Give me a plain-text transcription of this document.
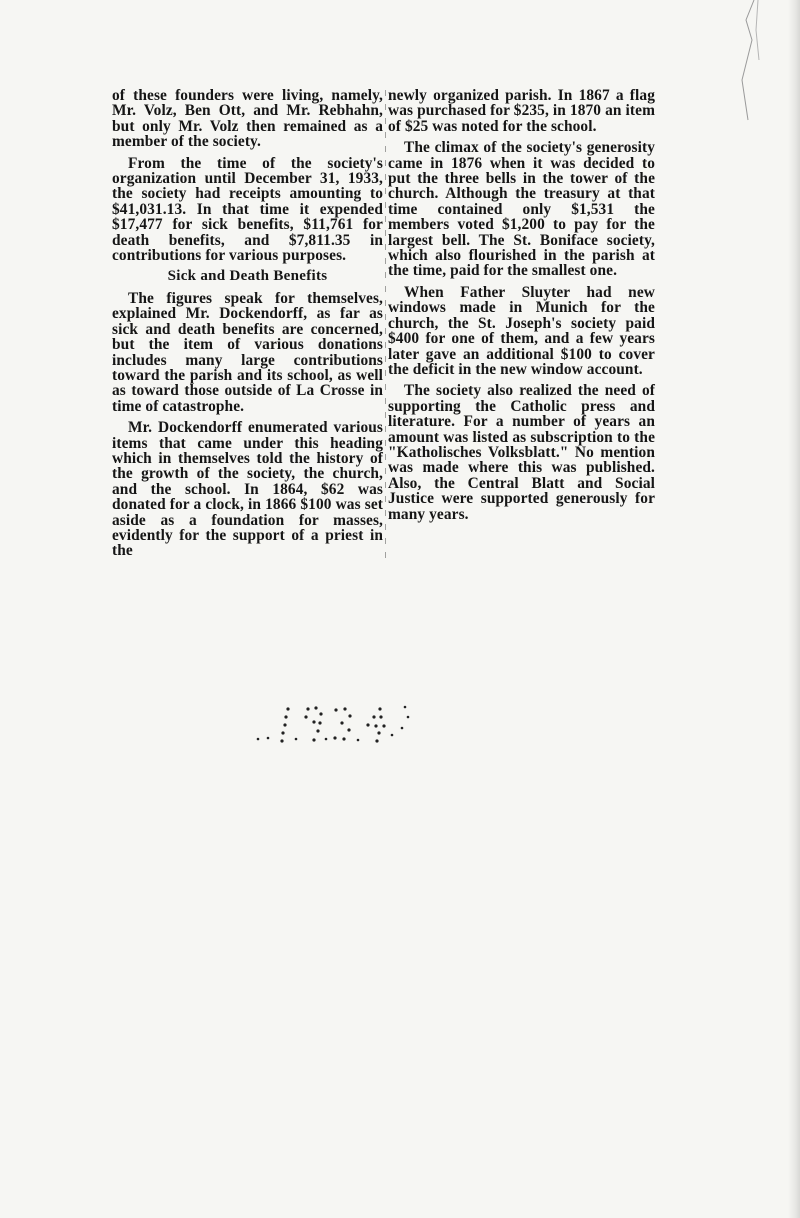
of these founders were living, namely, Mr. Volz, Ben Ott, and Mr. Rebhahn, but only Mr. Volz then remained as a member of the society.

From the time of the society's organization until December 31, 1933, the society had receipts amounting to $41,031.13. In that time it expended $17,477 for sick benefits, $11,761 for death benefits, and $7,811.35 in contributions for various purposes.

Sick and Death Benefits

The figures speak for themselves, explained Mr. Dockendorff, as far as sick and death benefits are concerned, but the item of various donations includes many large contributions toward the parish and its school, as well as toward those outside of La Crosse in time of catastrophe.

Mr. Dockendorff enumerated various items that came under this heading which in themselves told the history of the growth of the society, the church, and the school. In 1864, $62 was donated for a clock, in 1866 $100 was set aside as a foundation for masses, evidently for the support of a priest in the

newly organized parish. In 1867 a flag was purchased for $235, in 1870 an item of $25 was noted for the school.

The climax of the society's generosity came in 1876 when it was decided to put the three bells in the tower of the church. Although the treasury at that time contained only $1,531 the members voted $1,200 to pay for the largest bell. The St. Boniface society, which also flourished in the parish at the time, paid for the smallest one.

When Father Sluyter had new windows made in Munich for the church, the St. Joseph's society paid $400 for one of them, and a few years later gave an additional $100 to cover the deficit in the new window account.

The society also realized the need of supporting the Catholic press and literature. For a number of years an amount was listed as subscription to the "Katholisches Volksblatt." No mention was made where this was published. Also, the Central Blatt and Social Justice were supported generously for many years.
